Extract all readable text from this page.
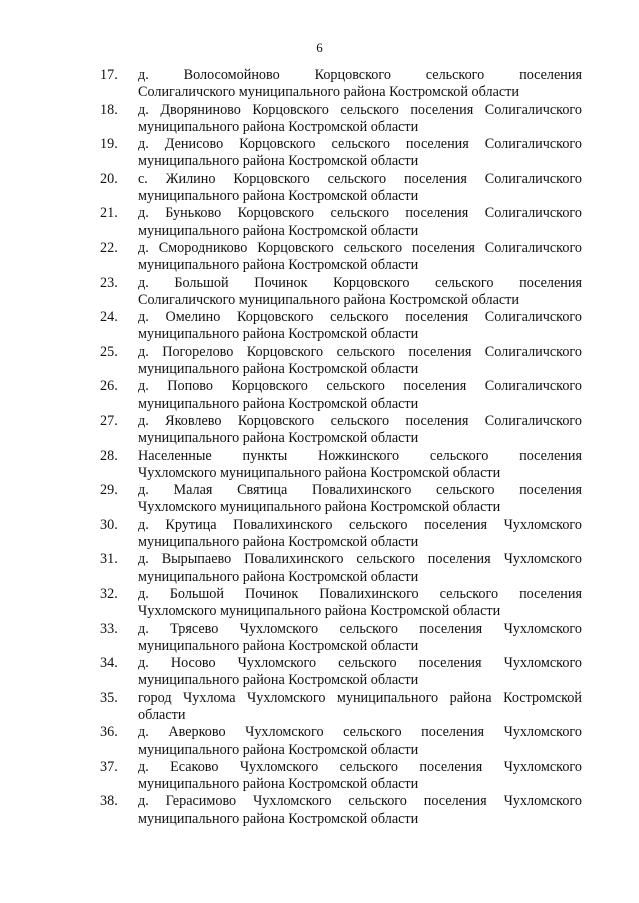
6
17.	д. Волосомойново Корцовского сельского поселения
Солигаличского муниципального района Костромской области
18.	д. Дворяниново Корцовского сельского поселения Солигаличского
муниципального района Костромской области
19.	д. Денисово Корцовского сельского поселения Солигаличского
муниципального района Костромской области
20.	с. Жилино Корцовского сельского поселения Солигаличского
муниципального района Костромской области
21.	д. Буньково Корцовского сельского поселения Солигаличского
муниципального района Костромской области
22.	д. Смородниково Корцовского сельского поселения Солигаличского
муниципального района Костромской области
23.	д. Большой Починок Корцовского сельского поселения
Солигаличского муниципального района Костромской области
24.	д. Омелино Корцовского сельского поселения Солигаличского
муниципального района Костромской области
25.	д. Погорелово Корцовского сельского поселения Солигаличского
муниципального района Костромской области
26.	д. Попово Корцовского сельского поселения Солигаличского
муниципального района Костромской области
27.	д. Яковлево Корцовского сельского поселения Солигаличского
муниципального района Костромской области
28.	Населенные пункты Ножкинского сельского поселения
Чухломского муниципального района Костромской области
29.	д. Малая Святица Повалихинского сельского поселения
Чухломского муниципального района Костромской области
30.	д. Крутица Повалихинского сельского поселения Чухломского
муниципального района Костромской области
31.	д. Вырыпаево Повалихинского сельского поселения Чухломского
муниципального района Костромской области
32.	д. Большой Починок Повалихинского сельского поселения
Чухломского муниципального района Костромской области
33.	д. Трясево Чухломского сельского поселения Чухломского
муниципального района Костромской области
34.	д. Носово Чухломского сельского поселения Чухломского
муниципального района Костромской области
35.	город Чухлома Чухломского муниципального района Костромской
области
36.	д. Аверково Чухломского сельского поселения Чухломского
муниципального района Костромской области
37.	д. Есаково Чухломского сельского поселения Чухломского
муниципального района Костромской области
38.	д. Герасимово Чухломского сельского поселения Чухломского
муниципального района Костромской области
